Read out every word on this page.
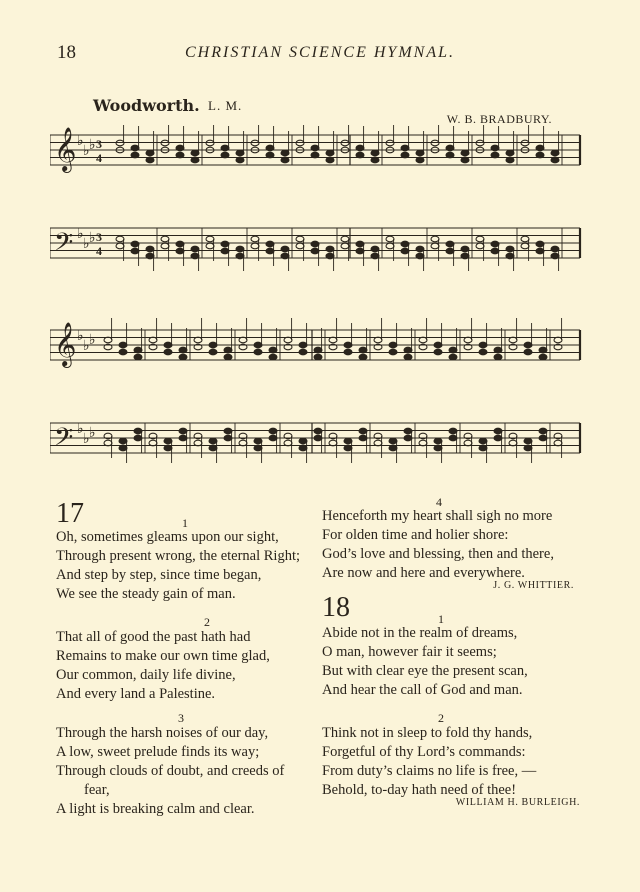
18	CHRISTIAN SCIENCE HYMNAL.
Woodworth. L. M.
W. B. BRADBURY.
𝄞 ♭
♭ ♭ 3
4
𝄢 ♭
♭ ♭ 3
4
𝄞 ♭
♭ ♭
𝄢 ♭
♭ ♭
17	1
Oh, sometimes gleams upon our sight,
Through present wrong, the eternal Right;
And step by step, since time began,
We see the steady gain of man.
2
That all of good the past hath had
Remains to make our own time glad,
Our common, daily life divine,
And every land a Palestine.
3
Through the harsh noises of our day,
A low, sweet prelude finds its way;
Through clouds of doubt, and creeds of
fear,
A light is breaking calm and clear.
4
Henceforth my heart shall sigh no more
For olden time and holier shore:
God’s love and blessing, then and there,
Are now and here and everywhere.
J. G. WHITTIER.
18	1
Abide not in the realm of dreams,
O man, however fair it seems;
But with clear eye the present scan,
And hear the call of God and man.
2
Think not in sleep to fold thy hands,
Forgetful of thy Lord’s commands:
From duty’s claims no life is free, —
Behold, to-day hath need of thee!
WILLIAM H. BURLEIGH.
